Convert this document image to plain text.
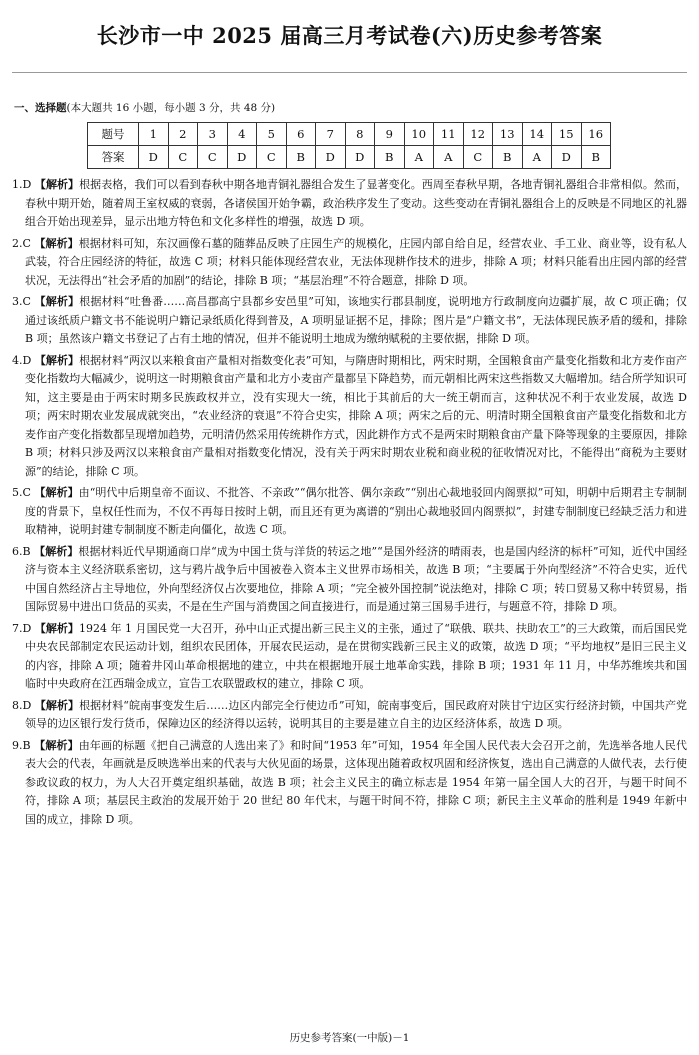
长沙市一中 2025 届高三月考试卷(六)历史参考答案
一、选择题(本大题共 16 小题，每小题 3 分，共 48 分)
题号	1	2	3	4	5	6	7	8	9	10	11	12	13	14	15	16
答案	D	C	C	D	C	B	D	D	B	A	A	C	B	A	D	B

1.D 【解析】根据表格，我们可以看到春秋中期各地青铜礼器组合发生了显著变化。西周至春秋早期，各地青铜礼器组合非常相似。然而，春秋中期开始，随着周王室权威的衰弱，各诸侯国开始争霸，政治秩序发生了变动。这些变动在青铜礼器组合上的反映是不同地区的礼器组合开始出现差异，显示出地方特色和文化多样性的增强，故选 D 项。

2.C 【解析】根据材料可知，东汉画像石墓的随葬品反映了庄园生产的规模化，庄园内部自给自足，经营农业、手工业、商业等，设有私人武装，符合庄园经济的特征，故选 C 项；材料只能体现经营农业，无法体现耕作技术的进步，排除 A 项；材料只能看出庄园内部的经营状况，无法得出“社会矛盾的加剧”的结论，排除 B 项；“基层治理”不符合题意，排除 D 项。

3.C 【解析】根据材料“吐鲁番……高昌郡高宁县都乡安邑里”可知，该地实行郡县制度，说明地方行政制度向边疆扩展，故 C 项正确；仅通过该纸质户籍文书不能说明户籍记录纸质化得到普及，A 项明显证据不足，排除；图片是“户籍文书”，无法体现民族矛盾的缓和，排除 B 项；虽然该户籍文书登记了占有土地的情况，但并不能说明土地成为缴纳赋税的主要依据，排除 D 项。

4.D 【解析】根据材料“两汉以来粮食亩产量相对指数变化表”可知，与隋唐时期相比，两宋时期，全国粮食亩产量变化指数和北方麦作亩产变化指数均大幅减少，说明这一时期粮食亩产量和北方小麦亩产量都呈下降趋势，而元朝相比两宋这些指数又大幅增加。结合所学知识可知，这主要是由于两宋时期多民族政权并立，没有实现大一统，相比于其前后的大一统王朝而言，这种状况不利于农业发展，故选 D 项；两宋时期农业发展成就突出，“农业经济的衰退”不符合史实，排除 A 项；两宋之后的元、明清时期全国粮食亩产量变化指数和北方麦作亩产变化指数都呈现增加趋势，元明清仍然采用传统耕作方式，因此耕作方式不是两宋时期粮食亩产量下降等现象的主要原因，排除 B 项；材料只涉及两汉以来粮食亩产量相对指数变化情况，没有关于两宋时期农业税和商业税的征收情况对比，不能得出“商税为主要财源”的结论，排除 C 项。

5.C 【解析】由“明代中后期皇帝不面议、不批答、不亲政”“偶尔批答、偶尔亲政”“别出心裁地驳回内阁票拟”可知，明朝中后期君主专制制度的背景下，皇权任性而为，不仅不再每日按时上朝，而且还有更为离谱的“别出心裁地驳回内阁票拟”，封建专制制度已经缺乏活力和进取精神，说明封建专制制度不断走向僵化，故选 C 项。

6.B 【解析】根据材料近代早期通商口岸“成为中国土货与洋货的转运之地”“是国外经济的晴雨表，也是国内经济的标杆”可知，近代中国经济与资本主义经济联系密切，这与鸦片战争后中国被卷入资本主义世界市场相关，故选 B 项；“主要属于外向型经济”不符合史实，近代中国自然经济占主导地位，外向型经济仅占次要地位，排除 A 项；“完全被外国控制”说法绝对，排除 C 项；转口贸易又称中转贸易，指国际贸易中进出口货品的买卖，不是在生产国与消费国之间直接进行，而是通过第三国易手进行，与题意不符，排除 D 项。

7.D 【解析】1924 年 1 月国民党一大召开，孙中山正式提出新三民主义的主张，通过了“联俄、联共、扶助农工”的三大政策，而后国民党中央农民部制定农民运动计划，组织农民团体，开展农民运动，是在贯彻实践新三民主义的政策，故选 D 项；“平均地权”是旧三民主义的内容，排除 A 项；随着井冈山革命根据地的建立，中共在根据地开展土地革命实践，排除 B 项；1931 年 11 月，中华苏维埃共和国临时中央政府在江西瑞金成立，宣告工农联盟政权的建立，排除 C 项。

8.D 【解析】根据材料“皖南事变发生后……边区内部完全行使边币”可知，皖南事变后，国民政府对陕甘宁边区实行经济封锁，中国共产党领导的边区银行发行货币，保障边区的经济得以运转，说明其目的主要是建立自主的边区经济体系，故选 D 项。

9.B 【解析】由年画的标题《把自己满意的人选出来了》和时间“1953 年”可知，1954 年全国人民代表大会召开之前，先选举各地人民代表大会的代表，年画就是反映选举出来的代表与大伙见面的场景，这体现出随着政权巩固和经济恢复，选出自己满意的人做代表，去行使参政议政的权力，为人大召开奠定组织基础，故选 B 项；社会主义民主的确立标志是 1954 年第一届全国人大的召开，与题干时间不符，排除 A 项；基层民主政治的发展开始于 20 世纪 80 年代末，与题干时间不符，排除 C 项；新民主主义革命的胜利是 1949 年新中国的成立，排除 D 项。

历史参考答案(一中版)－1
